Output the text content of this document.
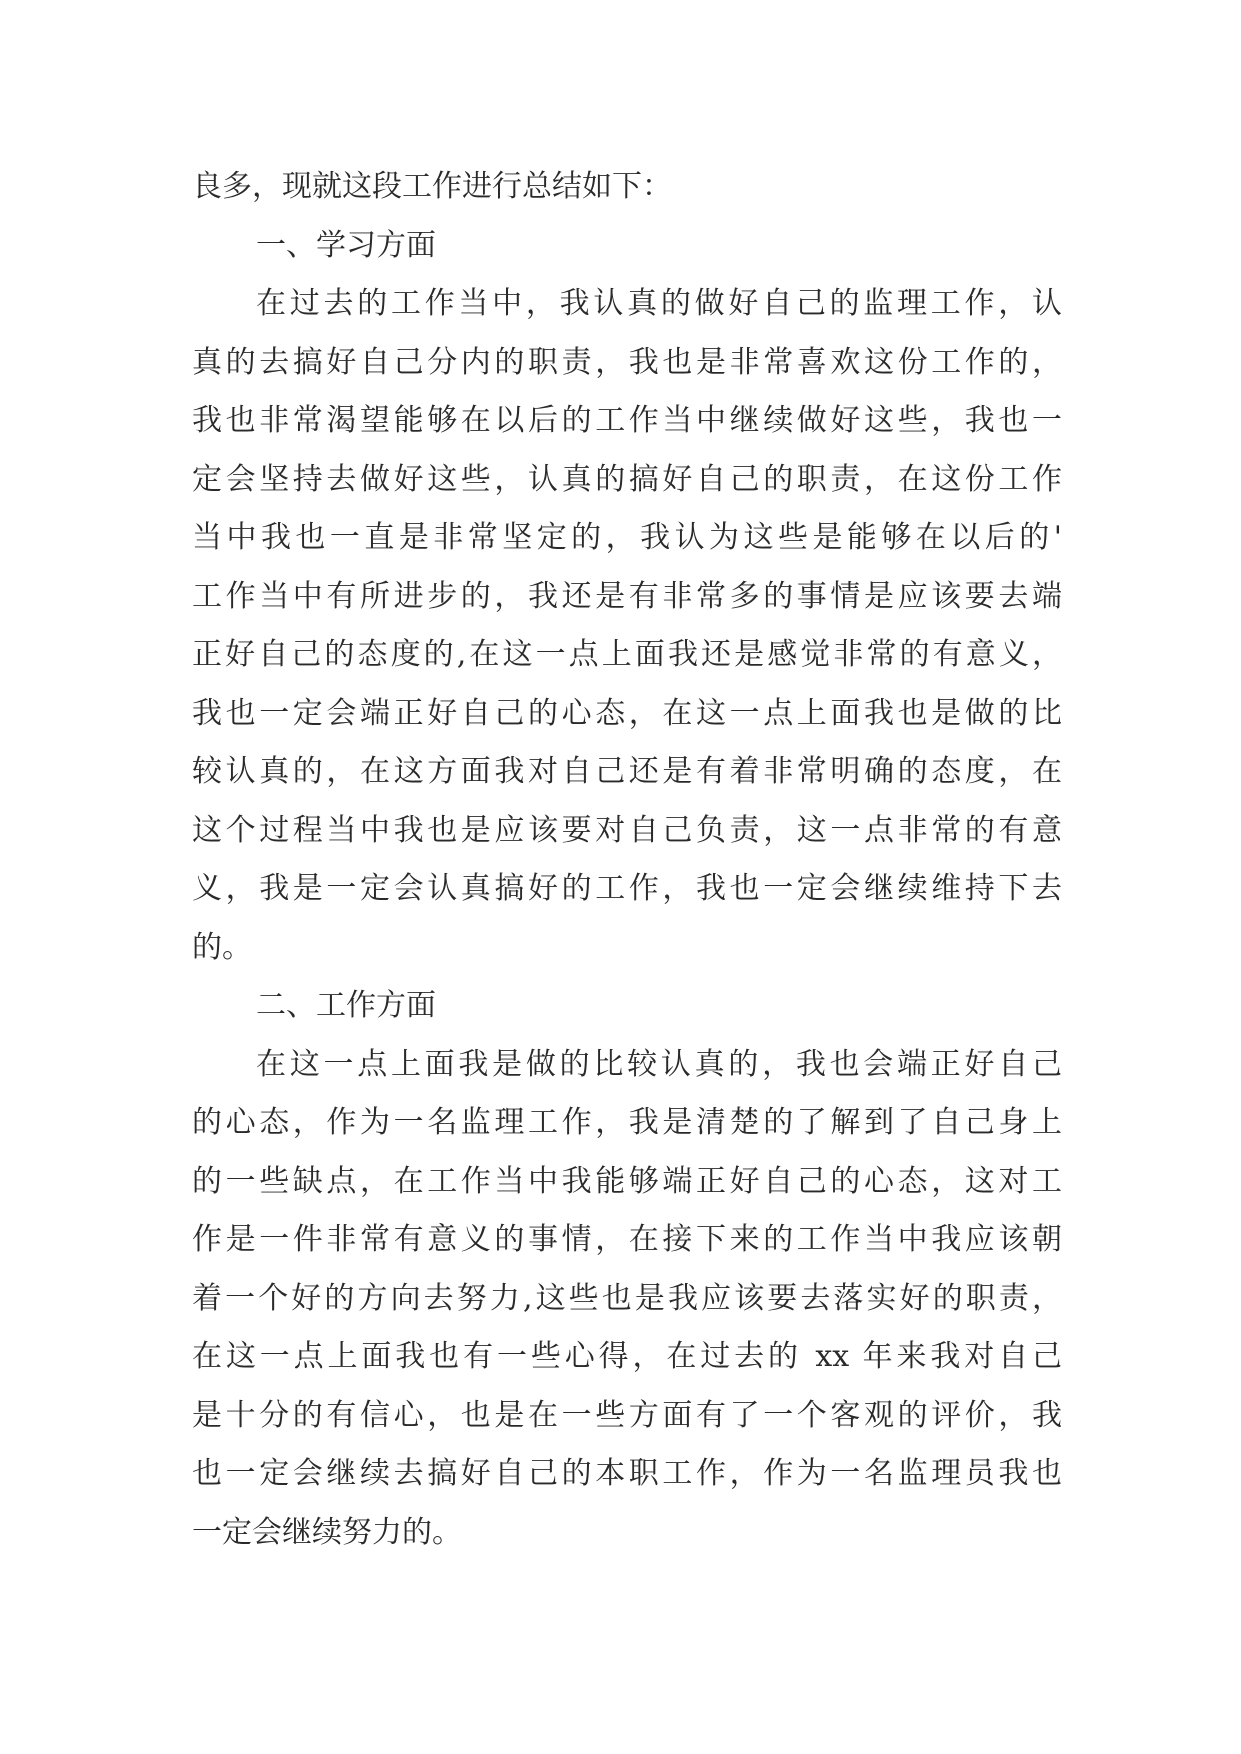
良多，现就这段工作进行总结如下：
一、学习方面
在过去的工作当中，我认真的做好自己的监理工作，认
真的去搞好自己分内的职责，我也是非常喜欢这份工作的，
我也非常渴望能够在以后的工作当中继续做好这些，我也一
定会坚持去做好这些，认真的搞好自己的职责，在这份工作
当中我也一直是非常坚定的，我认为这些是能够在以后的'
工作当中有所进步的，我还是有非常多的事情是应该要去端
正好自己的态度的,在这一点上面我还是感觉非常的有意义，
我也一定会端正好自己的心态，在这一点上面我也是做的比
较认真的，在这方面我对自己还是有着非常明确的态度，在
这个过程当中我也是应该要对自己负责，这一点非常的有意
义，我是一定会认真搞好的工作，我也一定会继续维持下去
的。
二、工作方面
在这一点上面我是做的比较认真的，我也会端正好自己
的心态，作为一名监理工作，我是清楚的了解到了自己身上
的一些缺点，在工作当中我能够端正好自己的心态，这对工
作是一件非常有意义的事情，在接下来的工作当中我应该朝
着一个好的方向去努力,这些也是我应该要去落实好的职责，
在这一点上面我也有一些心得，在过去的 xx 年来我对自己
是十分的有信心，也是在一些方面有了一个客观的评价，我
也一定会继续去搞好自己的本职工作，作为一名监理员我也
一定会继续努力的。
